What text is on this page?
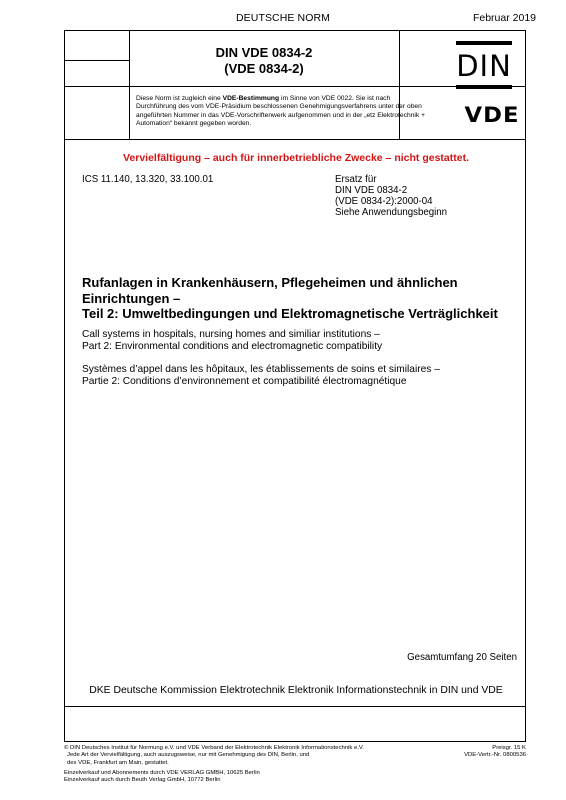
DEUTSCHE NORM	Februar 2019
DIN VDE 0834-2
(VDE 0834-2)	DIN
Diese Norm ist zugleich eine VDE-Bestimmung im Sinne von VDE 0022. Sie ist nach Durchführung des vom VDE-Präsidium beschlossenen Genehmigungsverfahrens unter der oben angeführten Nummer in das VDE-Vorschriftenwerk aufgenommen und in der „etz Elektrotechnik + Automation“ bekannt gegeben worden.	VDE
Vervielfältigung – auch für innerbetriebliche Zwecke – nicht gestattet.
ICS 11.140, 13.320, 33.100.01	Ersatz für
DIN VDE 0834-2
(VDE 0834-2):2000-04
Siehe Anwendungsbeginn
Rufanlagen in Krankenhäusern, Pflegeheimen und ähnlichen
Einrichtungen –
Teil 2: Umweltbedingungen und Elektromagnetische Verträglichkeit
Call systems in hospitals, nursing homes and similiar institutions –
Part 2: Environmental conditions and electromagnetic compatibility
Systèmes d’appel dans les hôpitaux, les établissements de soins et similaires –
Partie 2: Conditions d’environnement et compatibilité électromagnétique
Gesamtumfang 20 Seiten
DKE Deutsche Kommission Elektrotechnik Elektronik Informationstechnik in DIN und VDE
© DIN Deutsches Institut für Normung e.V. und VDE Verband der Elektrotechnik Elektronik Informationstechnik e.V.
Jede Art der Vervielfältigung, auch auszugsweise, nur mit Genehmigung des DIN, Berlin, und
des VDE, Frankfurt am Main, gestattet.
Preisgr. 15 K
VDE-Vertr.-Nr. 0800536
Einzelverkauf und Abonnements durch VDE VERLAG GMBH, 10625 Berlin
Einzelverkauf auch durch Beuth Verlag GmbH, 10772 Berlin
